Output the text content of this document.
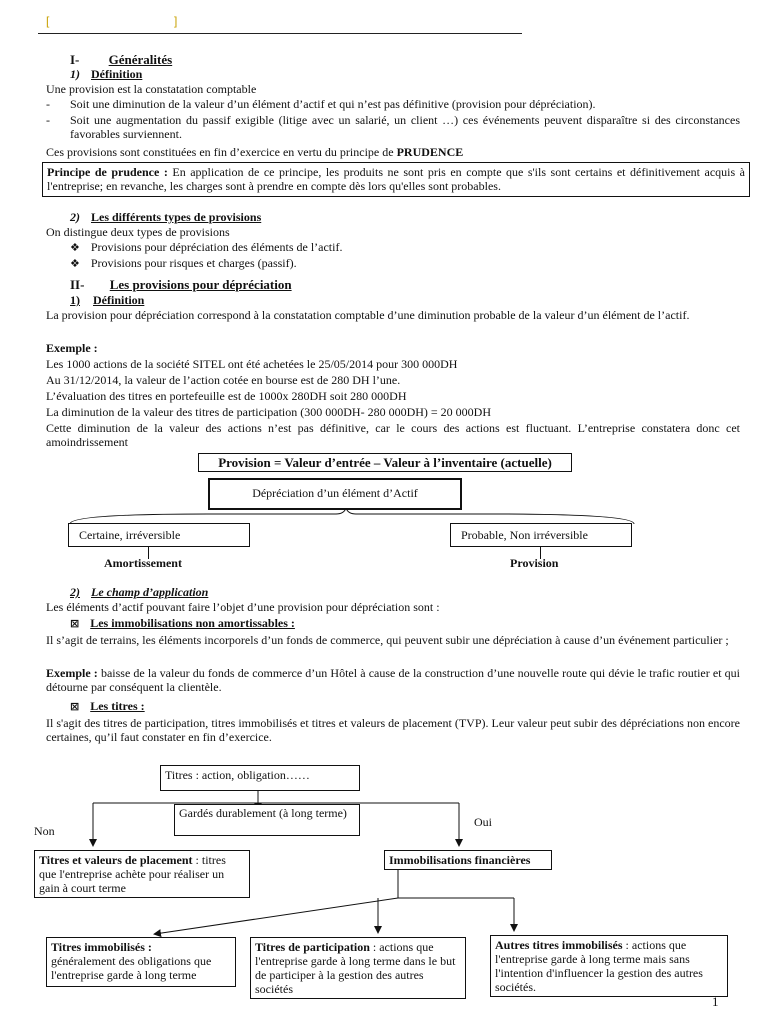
[	]
I- Généralités
1) Définition
Une provision est la constatation comptable
- Soit une diminution de la valeur d’un élément d’actif et qui n’est pas définitive (provision pour dépréciation).
- Soit une augmentation du passif exigible (litige avec un salarié, un client …) ces événements peuvent disparaître si des circonstances favorables surviennent.
Ces provisions sont constituées en fin d’exercice en vertu du principe de PRUDENCE
Principe de prudence : En application de ce principe, les produits ne sont pris en compte que s'ils sont certains et définitivement acquis à l'entreprise; en revanche, les charges sont à prendre en compte dès lors qu'elles sont probables.
2) Les différents types de provisions
On distingue deux types de provisions
❖ Provisions pour dépréciation des éléments de l’actif.
❖ Provisions pour risques et charges (passif).
II- Les provisions pour dépréciation
1) Définition
La provision pour dépréciation correspond à la constatation comptable d’une diminution probable de la valeur d’un élément de l’actif.
Exemple :
Les 1000 actions de la société SITEL ont été achetées le 25/05/2014 pour 300 000DH
Au 31/12/2014, la valeur de l’action cotée en bourse est de 280 DH l’une.
L’évaluation des titres en portefeuille est de 1000x 280DH soit 280 000DH
La diminution de la valeur des titres de participation (300 000DH- 280 000DH) = 20 000DH
Cette diminution de la valeur des actions n’est pas définitive, car le cours des actions est fluctuant. L’entreprise constatera donc cet amoindrissement
Provision = Valeur d’entrée – Valeur à l’inventaire (actuelle)
Dépréciation d’un élément d’Actif
Certaine, irréversible	Probable, Non irréversible
Amortissement	Provision
2) Le champ d’application
Les éléments d’actif pouvant faire l’objet d’une provision pour dépréciation sont :
⊠ Les immobilisations non amortissables :
Il s’agit de terrains, les éléments incorporels d’un fonds de commerce, qui peuvent subir une dépréciation à cause d’un événement particulier ;
Exemple : baisse de la valeur du fonds de commerce d’un Hôtel à cause de la construction d’une nouvelle route qui dévie le trafic routier et qui détourne par conséquent la clientèle.
⊠ Les titres :
Il s'agit des titres de participation, titres immobilisés et titres et valeurs de placement (TVP). Leur valeur peut subir des dépréciations non encore certaines, qu’il faut constater en fin d’exercice.
Titres : action, obligation……
Gardés durablement (à long terme)
Non
Oui
Titres et valeurs de placement : titres que l'entreprise achète pour réaliser un gain à court terme
Immobilisations financières
Titres immobilisés :
généralement des obligations que l'entreprise garde à long terme
Titres de participation : actions que l'entreprise garde à long terme dans le but de participer à la gestion des autres sociétés
Autres titres immobilisés : actions que l'entreprise garde à long terme mais sans l'intention d'influencer la gestion des autres sociétés.
1
